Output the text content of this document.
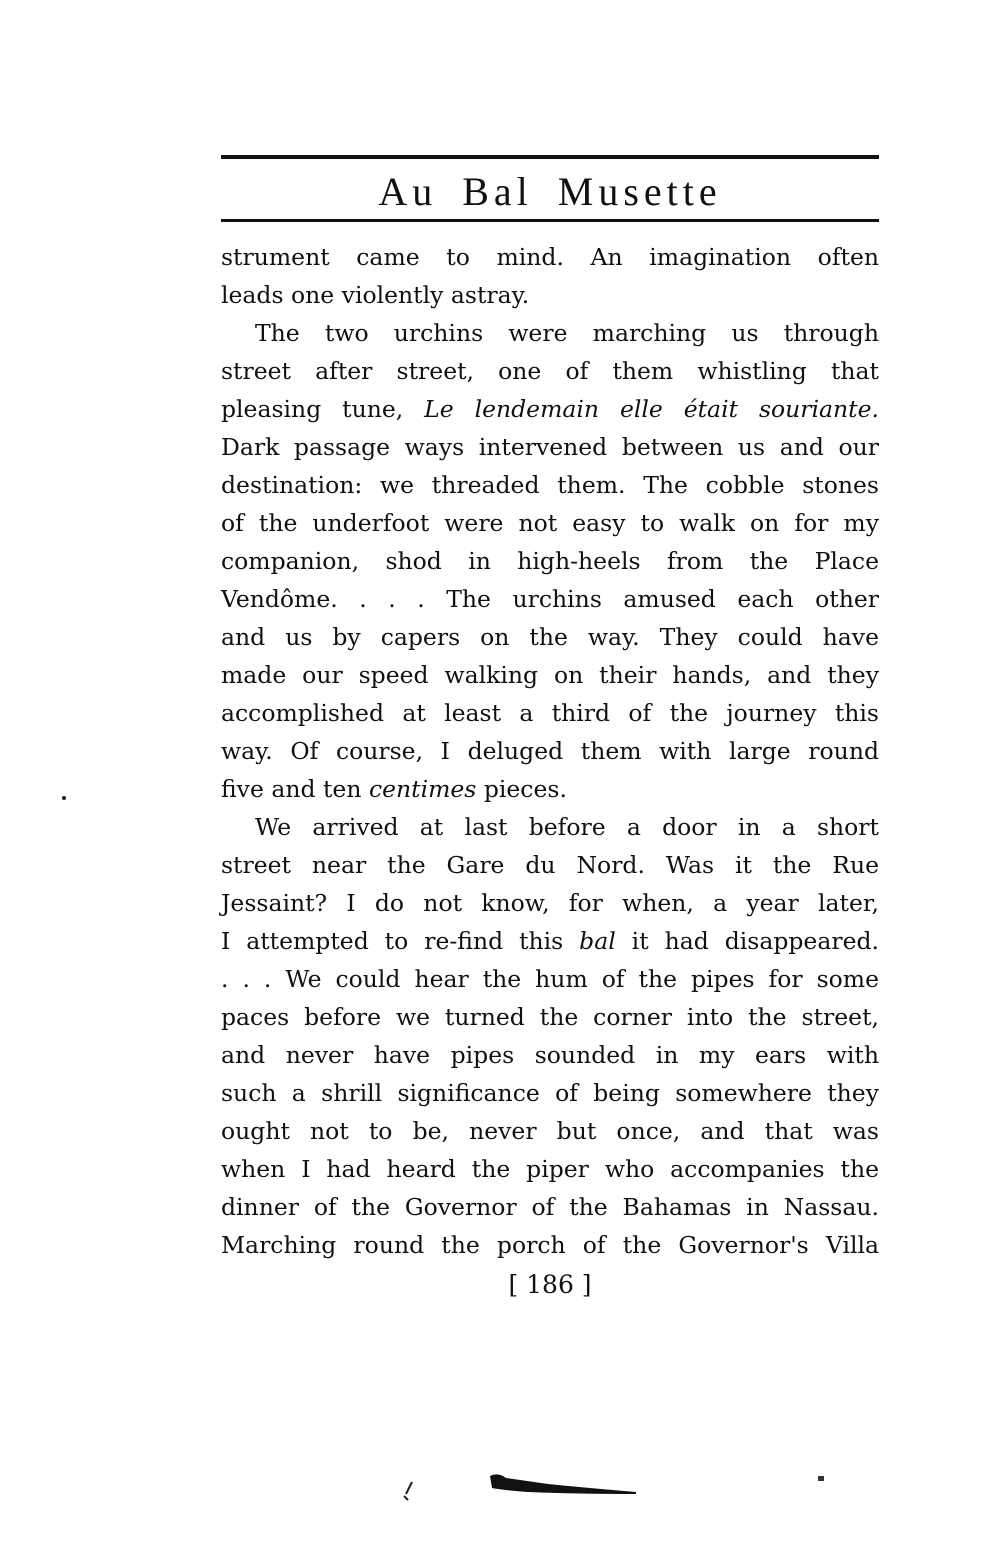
Au Bal Musette
strument came to mind. An imagination often
leads one violently astray.
The two urchins were marching us through
street after street, one of them whistling that
pleasing tune, Le lendemain elle était souriante.
Dark passage ways intervened between us and our
destination: we threaded them. The cobble stones
of the underfoot were not easy to walk on for my
companion, shod in high-heels from the Place
Vendôme. . . . The urchins amused each other
and us by capers on the way. They could have
made our speed walking on their hands, and they
accomplished at least a third of the journey this
way. Of course, I deluged them with large round
five and ten centimes pieces.
We arrived at last before a door in a short
street near the Gare du Nord. Was it the Rue
Jessaint? I do not know, for when, a year later,
I attempted to re-find this bal it had disappeared.
. . . We could hear the hum of the pipes for some
paces before we turned the corner into the street,
and never have pipes sounded in my ears with
such a shrill significance of being somewhere they
ought not to be, never but once, and that was
when I had heard the piper who accompanies the
dinner of the Governor of the Bahamas in Nassau.
Marching round the porch of the Governor's Villa
[ 186 ]
